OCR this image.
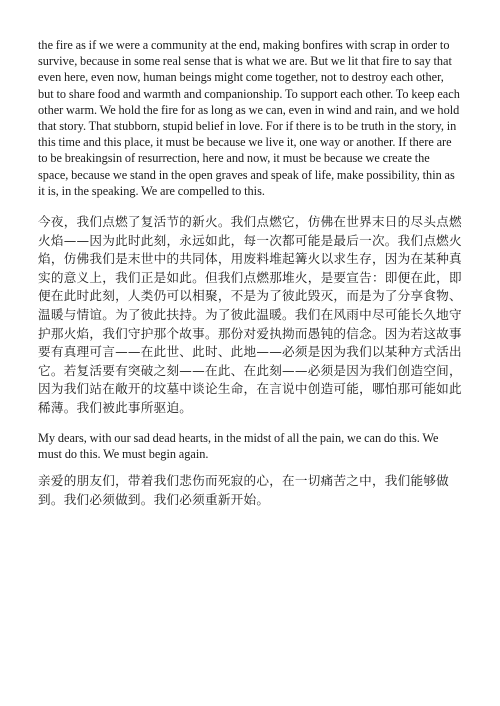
the fire as if we were a community at the end, making bonfires with scrap in order to survive, because in some real sense that is what we are. But we lit that fire to say that even here, even now, human beings might come together, not to destroy each other, but to share food and warmth and companionship. To support each other. To keep each other warm. We hold the fire for as long as we can, even in wind and rain, and we hold that story. That stubborn, stupid belief in love. For if there is to be truth in the story, in this time and this place, it must be because we live it, one way or another. If there are to be breakingsin of resurrection, here and now, it must be because we create the space, because we stand in the open graves and speak of life, make possibility, thin as it is, in the speaking. We are compelled to this.

今夜，我们点燃了复活节的新火。我们点燃它，仿佛在世界末日的尽头点燃火焰——因为此时此刻，永远如此，每一次都可能是最后一次。我们点燃火焰，仿佛我们是末世中的共同体，用废料堆起篝火以求生存，因为在某种真实的意义上，我们正是如此。但我们点燃那堆火，是要宣告：即便在此，即便在此时此刻，人类仍可以相聚，不是为了彼此毁灭，而是为了分享食物、温暖与情谊。为了彼此扶持。为了彼此温暖。我们在风雨中尽可能长久地守护那火焰，我们守护那个故事。那份对爱执拗而愚钝的信念。因为若这故事要有真理可言——在此世、此时、此地——必须是因为我们以某种方式活出它。若复活要有突破之刻——在此、在此刻——必须是因为我们创造空间，因为我们站在敞开的坟墓中谈论生命，在言说中创造可能，哪怕那可能如此稀薄。我们被此事所驱迫。

My dears, with our sad dead hearts, in the midst of all the pain, we can do this. We must do this. We must begin again.

亲爱的朋友们，带着我们悲伤而死寂的心，在一切痛苦之中，我们能够做到。我们必须做到。我们必须重新开始。
